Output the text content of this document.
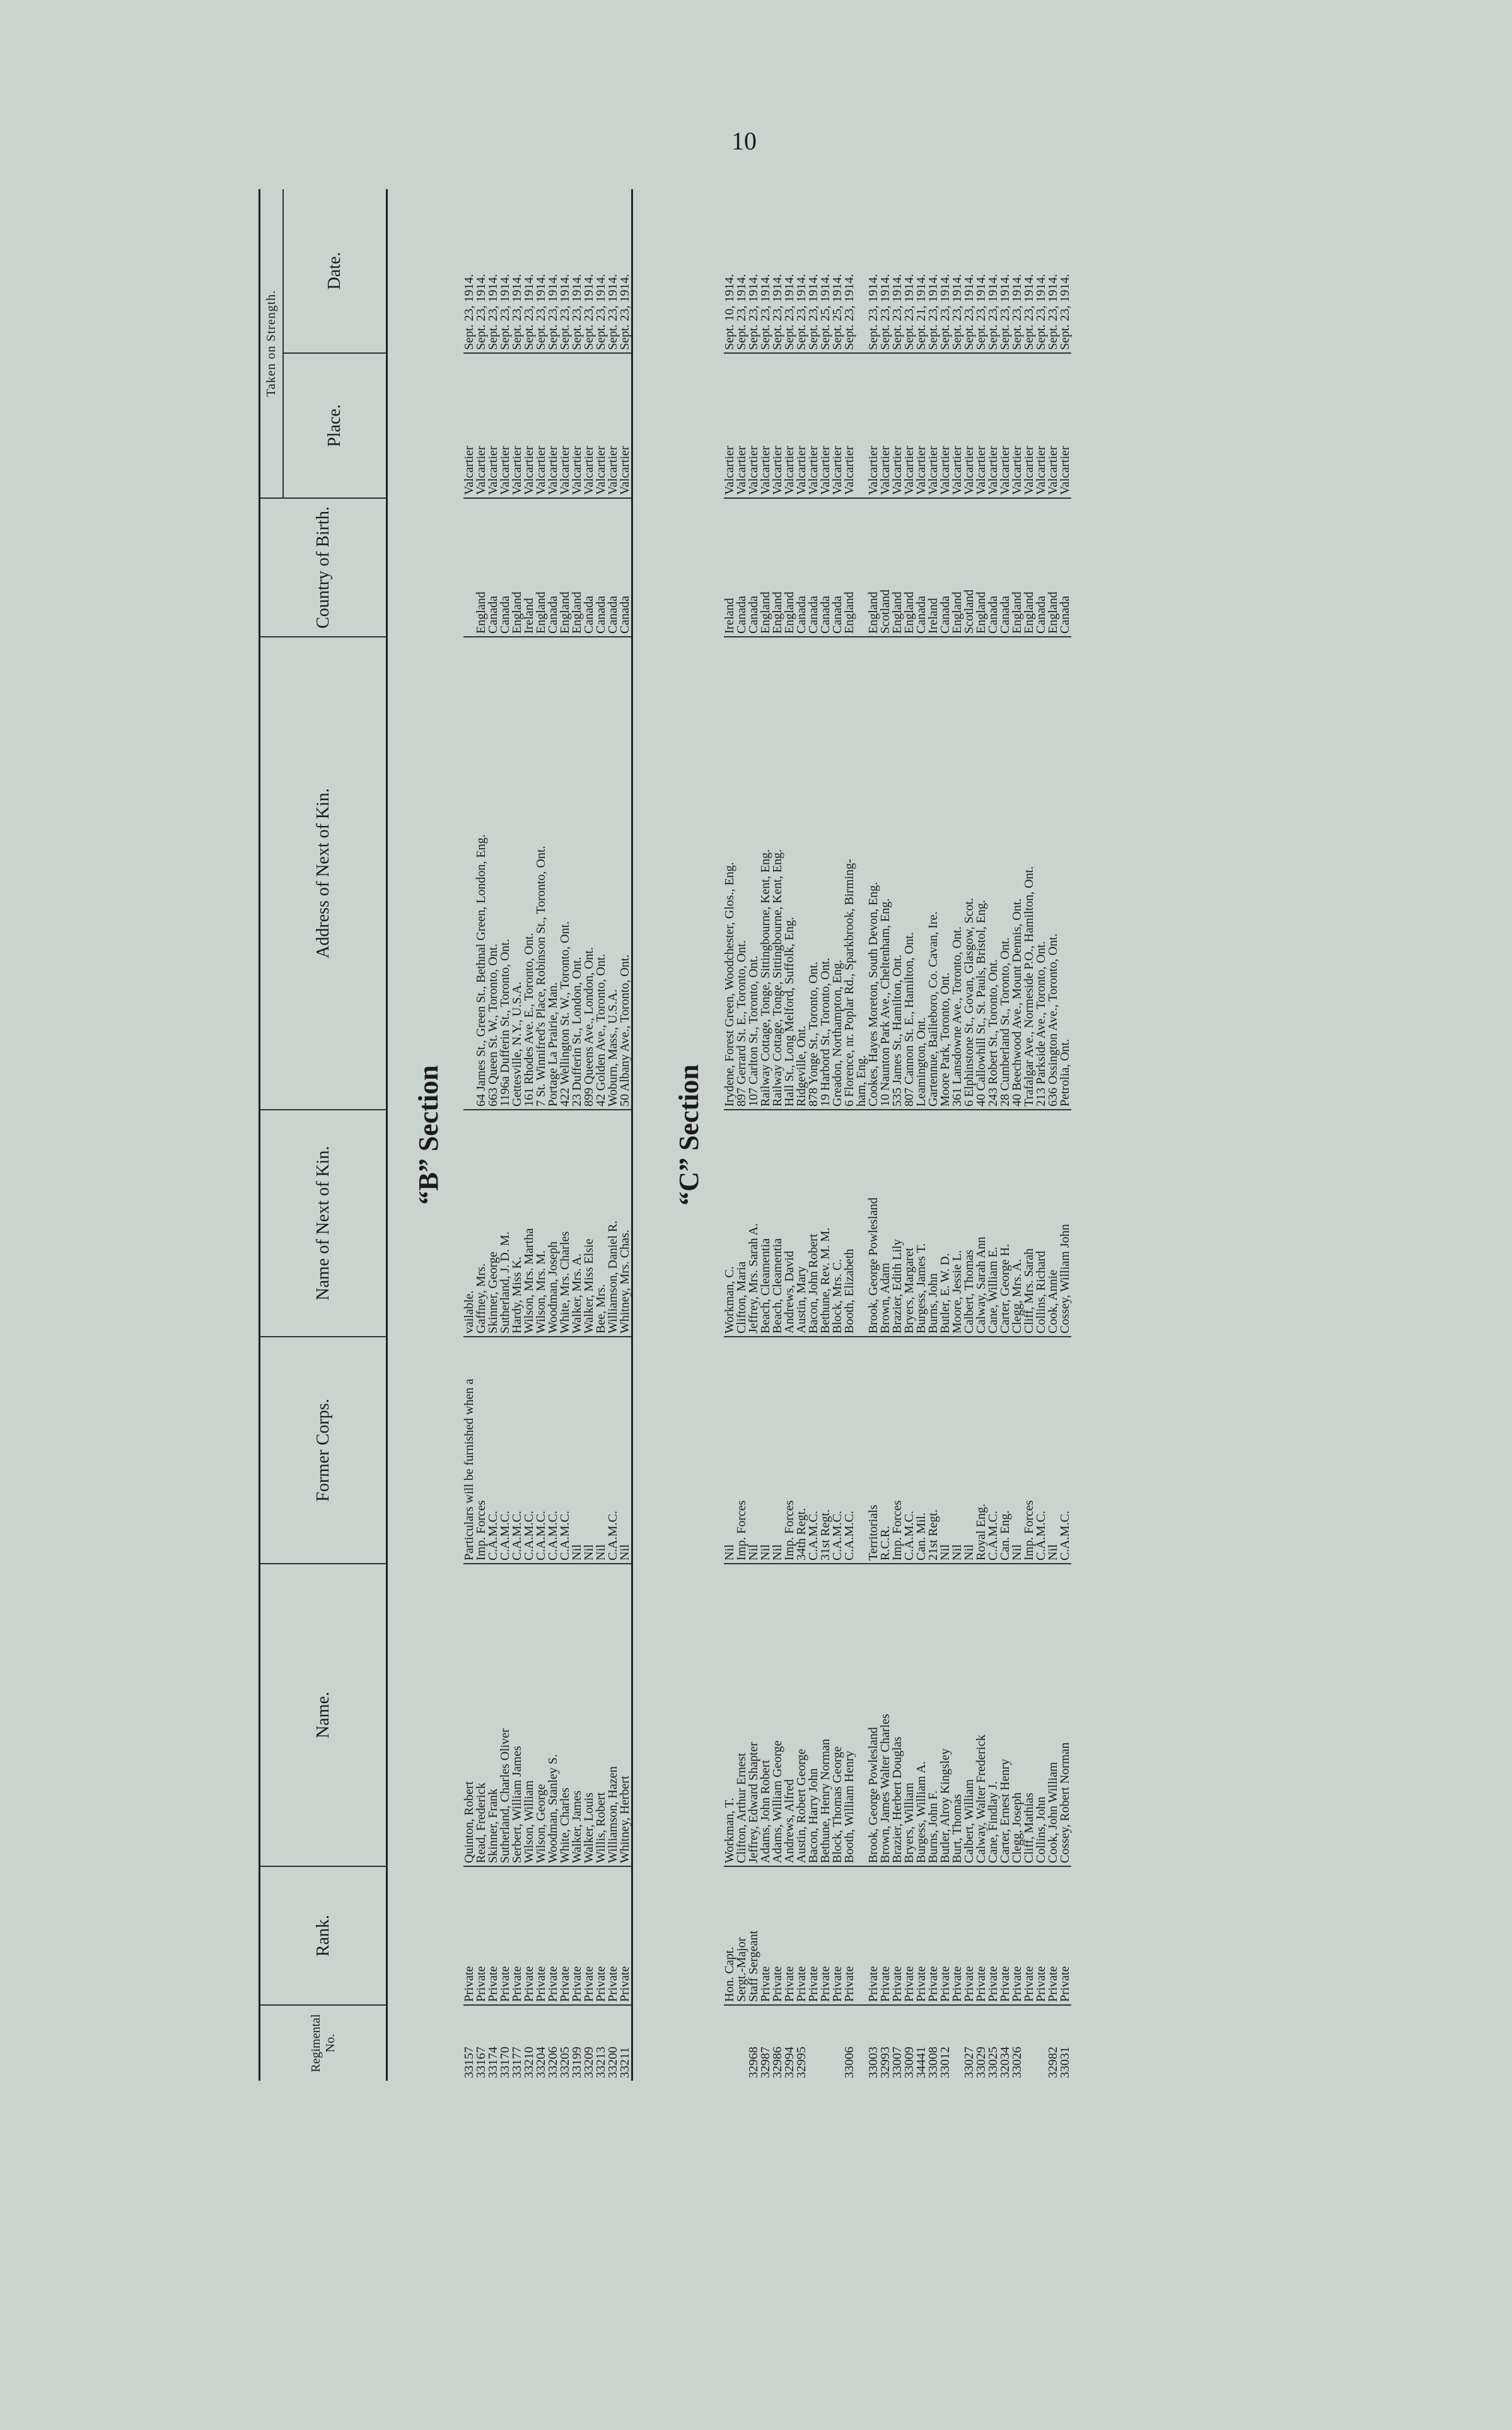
10
Regimental No.	Rank.	Name.	Former Corps.	Name of Next of Kin.	Address of Next of Kin.	Country of Birth.	Taken on Strength.	
							Place.	Date.
“B” Section
33157	Private	Quinton, Robert	Particulars will be furnished when a	vailable.			Valcartier	Sept. 23, 1914.
33167	Private	Read, Frederick	Imp. Forces	Gaffney, Mrs.	64 James St., Green St., Bethnal Green, London, Eng.	England	Valcartier	Sept. 23, 1914.
33174	Private	Skinner, Frank	C.A.M.C.	Skinner, George	663 Queen St. W., Toronto, Ont.	Canada	Valcartier	Sept. 23, 1914.
33170	Private	Sutherland, Charles Oliver	C.A.M.C.	Sutherland, J. D. M.	1196a Dufferin St., Toronto, Ont.	Canada	Valcartier	Sept. 23, 1914.
33177	Private	Serbert, William James	C.A.M.C.	Hardy, Miss K.	Gettesville, N.Y., U.S.A.	England	Valcartier	Sept. 23, 1914.
33210	Private	Wilson, William	C.A.M.C.	Wilson, Mrs. Martha	161 Rhodes Ave. E., Toronto, Ont.	Ireland	Valcartier	Sept. 23, 1914.
33204	Private	Wilson, George	C.A.M.C.	Wilson, Mrs. M.	7 St. Winnifred's Place, Robinson St., Toronto, Ont.	England	Valcartier	Sept. 23, 1914.
33206	Private	Woodman, Stanley S.	C.A.M.C.	Woodman, Joseph	Portage La Prairie, Man.	Canada	Valcartier	Sept. 23, 1914.
33205	Private	White, Charles	C.A.M.C.	White, Mrs. Charles	422 Wellington St. W., Toronto, Ont.	England	Valcartier	Sept. 23, 1914.
33199	Private	Walker, James	Nil	Walker, Mrs. A.	23 Dufferin St., London, Ont.	England	Valcartier	Sept. 23, 1914.
33209	Private	Walker, Louis	Nil	Walker, Miss Elsie	899 Queens Ave., London, Ont.	Canada	Valcartier	Sept. 23, 1914.
33213	Private	Willis, Robert	Nil	Bee, Mrs.	42 Golden Ave., Toronto, Ont.	Canada	Valcartier	Sept. 23, 1914.
33200	Private	Williamson, Hazen	C.A.M.C.	Williamson, Daniel R.	Woburn, Mass., U.S.A.	Canada	Valcartier	Sept. 23, 1914.
33211	Private	Whitney, Herbert	Nil	Whitney, Mrs. Chas.	50 Albany Ave., Toronto, Ont.	Canada	Valcartier	Sept. 23, 1914.
“C” Section
	Hon. Capt.	Workman, T.	Nil	Workman, C.	Irydene, Forest Green, Woodchester, Glos., Eng.	Ireland	Valcartier	Sept. 10, 1914.
	Sergt.-Major	Clifton, Arthur Ernest	Imp. Forces	Clifton, Maria	897 Gerrard St. E., Toronto, Ont.	Canada	Valcartier	Sept. 23, 1914.
32968	Staff Sergeant	Jeffrey, Edward Shapter	Nil	Jeffrey, Mrs. Sarah A.	107 Carlton St., Toronto, Ont.	Canada	Valcartier	Sept. 23, 1914.
32987	Private	Adams, John Robert	Nil	Beach, Cleamentia	Railway Cottage, Tonge, Sittingbourne, Kent, Eng.	England	Valcartier	Sept. 23, 1914.
32986	Private	Adams, William George	Nil	Beach, Cleamentia	Railway Cottage, Tonge, Sittingbourne, Kent, Eng.	England	Valcartier	Sept. 23, 1914.
32994	Private	Andrews, Alfred	Imp. Forces	Andrews, David	Hall St., Long Melford, Suffolk, Eng.	England	Valcartier	Sept. 23, 1914.
32995	Private	Austin, Robert George	34th Regt.	Austin, Mary	Ridgeville, Ont.	Canada	Valcartier	Sept. 23, 1914.
	Private	Bacon, Harry John	C.A.M.C.	Bacon, John Robert	878 Yonge St., Toronto, Ont.	Canada	Valcartier	Sept. 23, 1914.
	Private	Bethune, Henry Norman	31st Regt.	Bethune, Rev. M. M.	19 Harbord St., Toronto, Ont.	Canada	Valcartier	Sept. 25, 1914.
	Private	Block, Thomas George	C.A.M.C.	Block, Mrs. C.	Greadon, Northampton, Eng.	Canada	Valcartier	Sept. 25, 1914.
33006	Private	Booth, William Henry	C.A.M.C.	Booth, Elizabeth	6 Florence, nr. Poplar Rd., Sparkbrook, Birming-	England	Valcartier	Sept. 23, 1914.
					ham, Eng.			
33003	Private	Brook, George Powlesland	Territorials	Brook, George Powlesland	Cookes, Hayes Moreton, South Devon, Eng.	England	Valcartier	Sept. 23, 1914.
32993	Private	Brown, James Walter Charles	R.C.R.	Brown, Adam	10 Naunton Park Ave., Cheltenham, Eng.	Scotland	Valcartier	Sept. 23, 1914.
33007	Private	Brazier, Herbert Douglas	Imp. Forces	Brazier, Edith Lily	535 James St., Hamilton, Ont.	England	Valcartier	Sept. 23, 1914.
33009	Private	Bryers, William	C.A.M.C.	Bryers, Margaret	807 Cannon St. E., Hamilton, Ont.	England	Valcartier	Sept. 23, 1914.
34441	Private	Burgess, William A.	Can. Mil.	Burgess, James T.	Leamington, Ont.	Canada	Valcartier	Sept. 21, 1914.
33008	Private	Burns, John F.	21st Regt.	Burns, John	Gartennue, Bailieboro, Co. Cavan, Ire.	Ireland	Valcartier	Sept. 23, 1914.
33012	Private	Butler, Alroy Kingsley	Nil	Butler, E. W. D.	Moore Park, Toronto, Ont.	Canada	Valcartier	Sept. 23, 1914.
	Private	Burt, Thomas	Nil	Moore, Jessie L.	361 Lansdowne Ave., Toronto, Ont.	England	Valcartier	Sept. 23, 1914.
33027	Private	Calbert, William	Nil	Calbert, Thomas	6 Elphinstone St., Govan, Glasgow, Scot.	Scotland	Valcartier	Sept. 23, 1914.
33029	Private	Calway, Walter Frederick	Royal Eng.	Calway, Sarah Ann	40 Callowhill St., St. Pauls, Bristol, Eng.	England	Valcartier	Sept. 23, 1914.
33025	Private	Cane, Findlay J.	C.A.M.C.	Cane, William E.	243 Robert St., Toronto, Ont.	Canada	Valcartier	Sept. 23, 1914.
32034	Private	Carter, Ernest Henry	Can. Eng.	Carter, George H.	28 Cumberland St., Toronto, Ont.	Canada	Valcartier	Sept. 23, 1914.
33026	Private	Clegg, Joseph	Nil	Clegg, Mrs. A.	40 Beechwood Ave., Mount Dennis, Ont.	England	Valcartier	Sept. 23, 1914.
	Private	Cliff, Mathias	Imp. Forces	Cliff, Mrs. Sarah	Trafalgar Ave., Normeside P.O., Hamilton, Ont.	England	Valcartier	Sept. 23, 1914.
	Private	Collins, John	C.A.M.C.	Collins, Richard	213 Parkside Ave., Toronto, Ont.	Canada	Valcartier	Sept. 23, 1914.
32982	Private	Cook, John William	Nil	Cook, Annie	636 Ossington Ave., Toronto, Ont.	England	Valcartier	Sept. 23, 1914.
33031	Private	Cossey, Robert Norman	C.A.M.C.	Cossey, William John	Petrolia, Ont.	Canada	Valcartier	Sept. 23, 1914.
